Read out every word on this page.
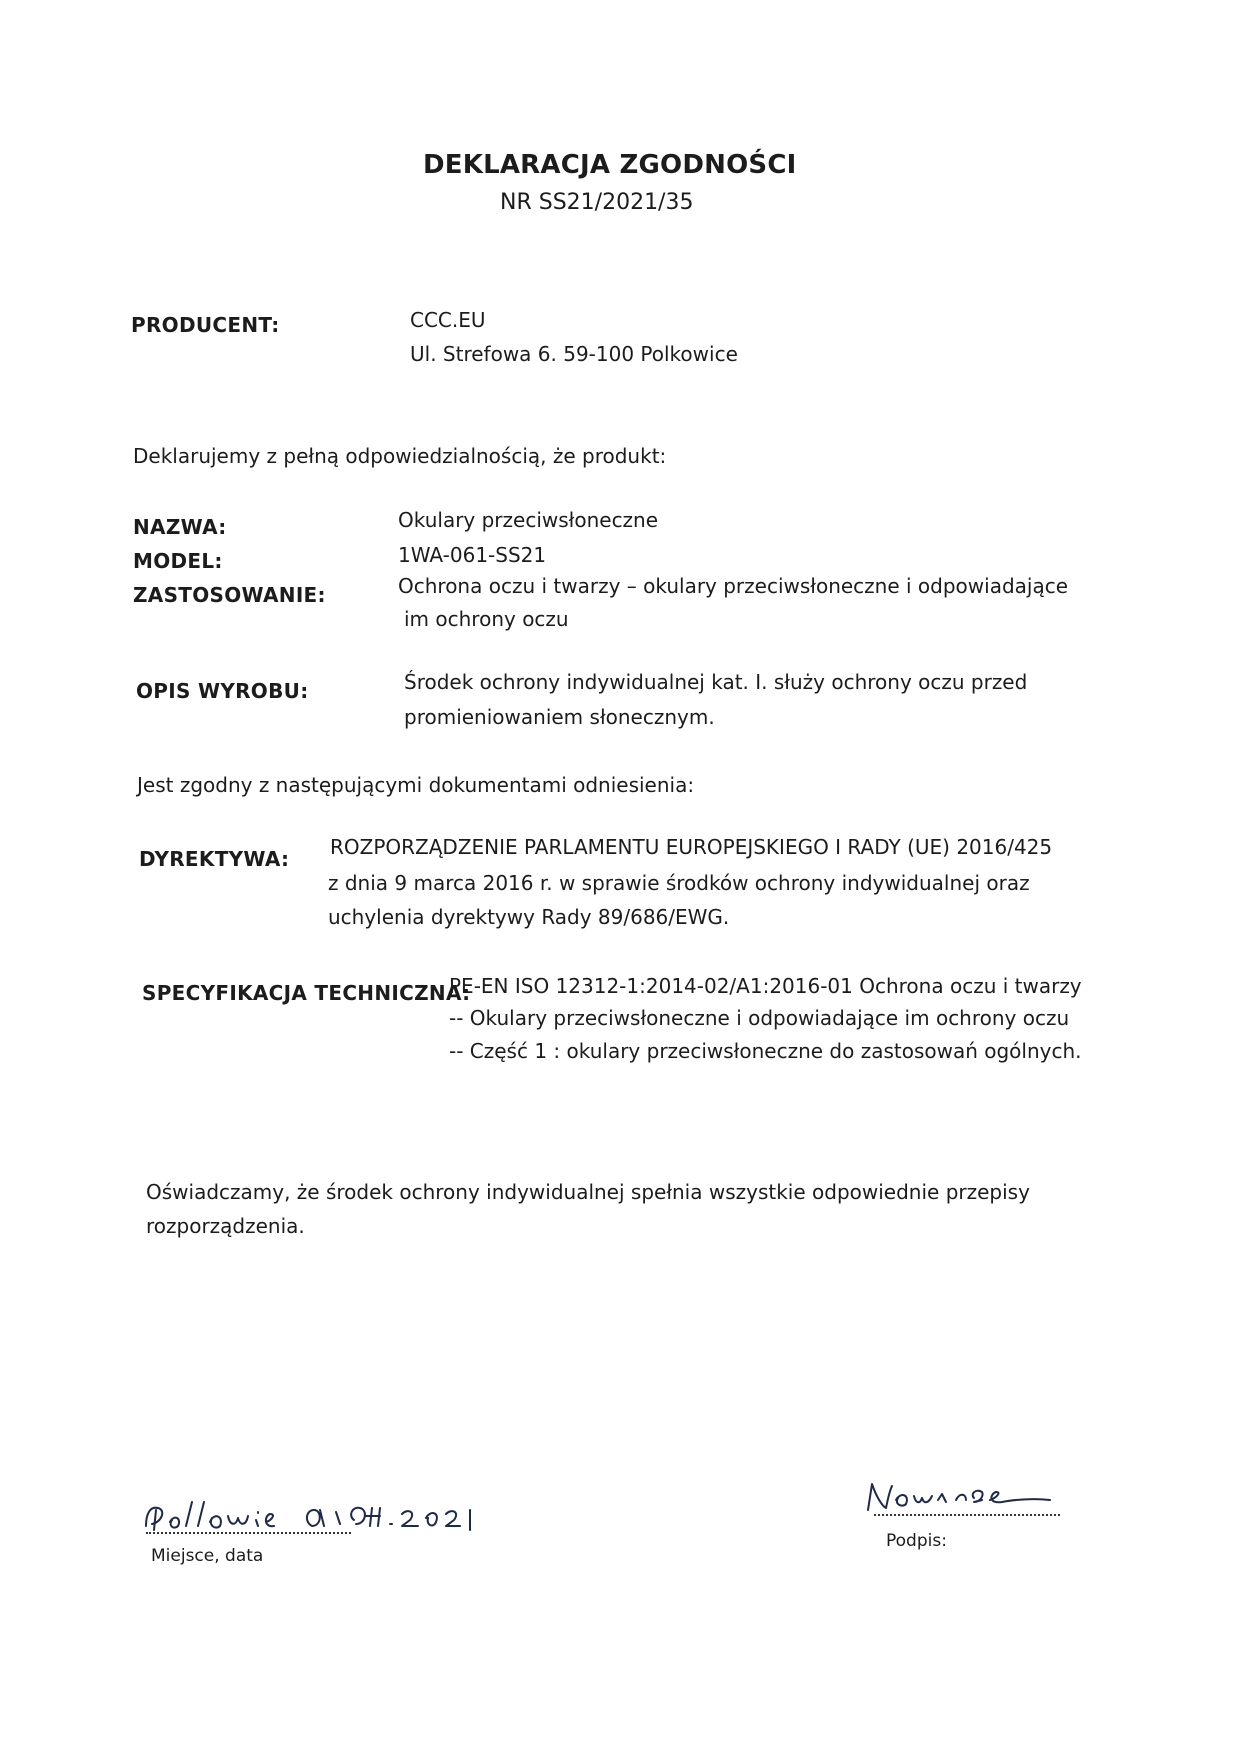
DEKLARACJA ZGODNOŚCI
NR SS21/2021/35
PRODUCENT:	CCC.EU
Ul. Strefowa 6. 59-100 Polkowice
Deklarujemy z pełną odpowiedzialnością, że produkt:
NAZWA:	Okulary przeciwsłoneczne
MODEL:	1WA-061-SS21
ZASTOSOWANIE:	Ochrona oczu i twarzy – okulary przeciwsłoneczne i odpowiadające
im ochrony oczu
OPIS WYROBU:	Środek ochrony indywidualnej kat. I. służy ochrony oczu przed
promieniowaniem słonecznym.
Jest zgodny z następującymi dokumentami odniesienia:
DYREKTYWA: ROZPORZĄDZENIE PARLAMENTU EUROPEJSKIEGO I RADY (UE) 2016/425
z dnia 9 marca 2016 r. w sprawie środków ochrony indywidualnej oraz
uchylenia dyrektywy Rady 89/686/EWG.
SPECYFIKACJA TECHNICZNA:
PE-EN ISO 12312-1:2014-02/A1:2016-01 Ochrona oczu i twarzy
-- Okulary przeciwsłoneczne i odpowiadające im ochrony oczu
-- Część 1 : okulary przeciwsłoneczne do zastosowań ogólnych.
Oświadczamy, że środek ochrony indywidualnej spełnia wszystkie odpowiednie przepisy
rozporządzenia.
Miejsce, data
Podpis:
